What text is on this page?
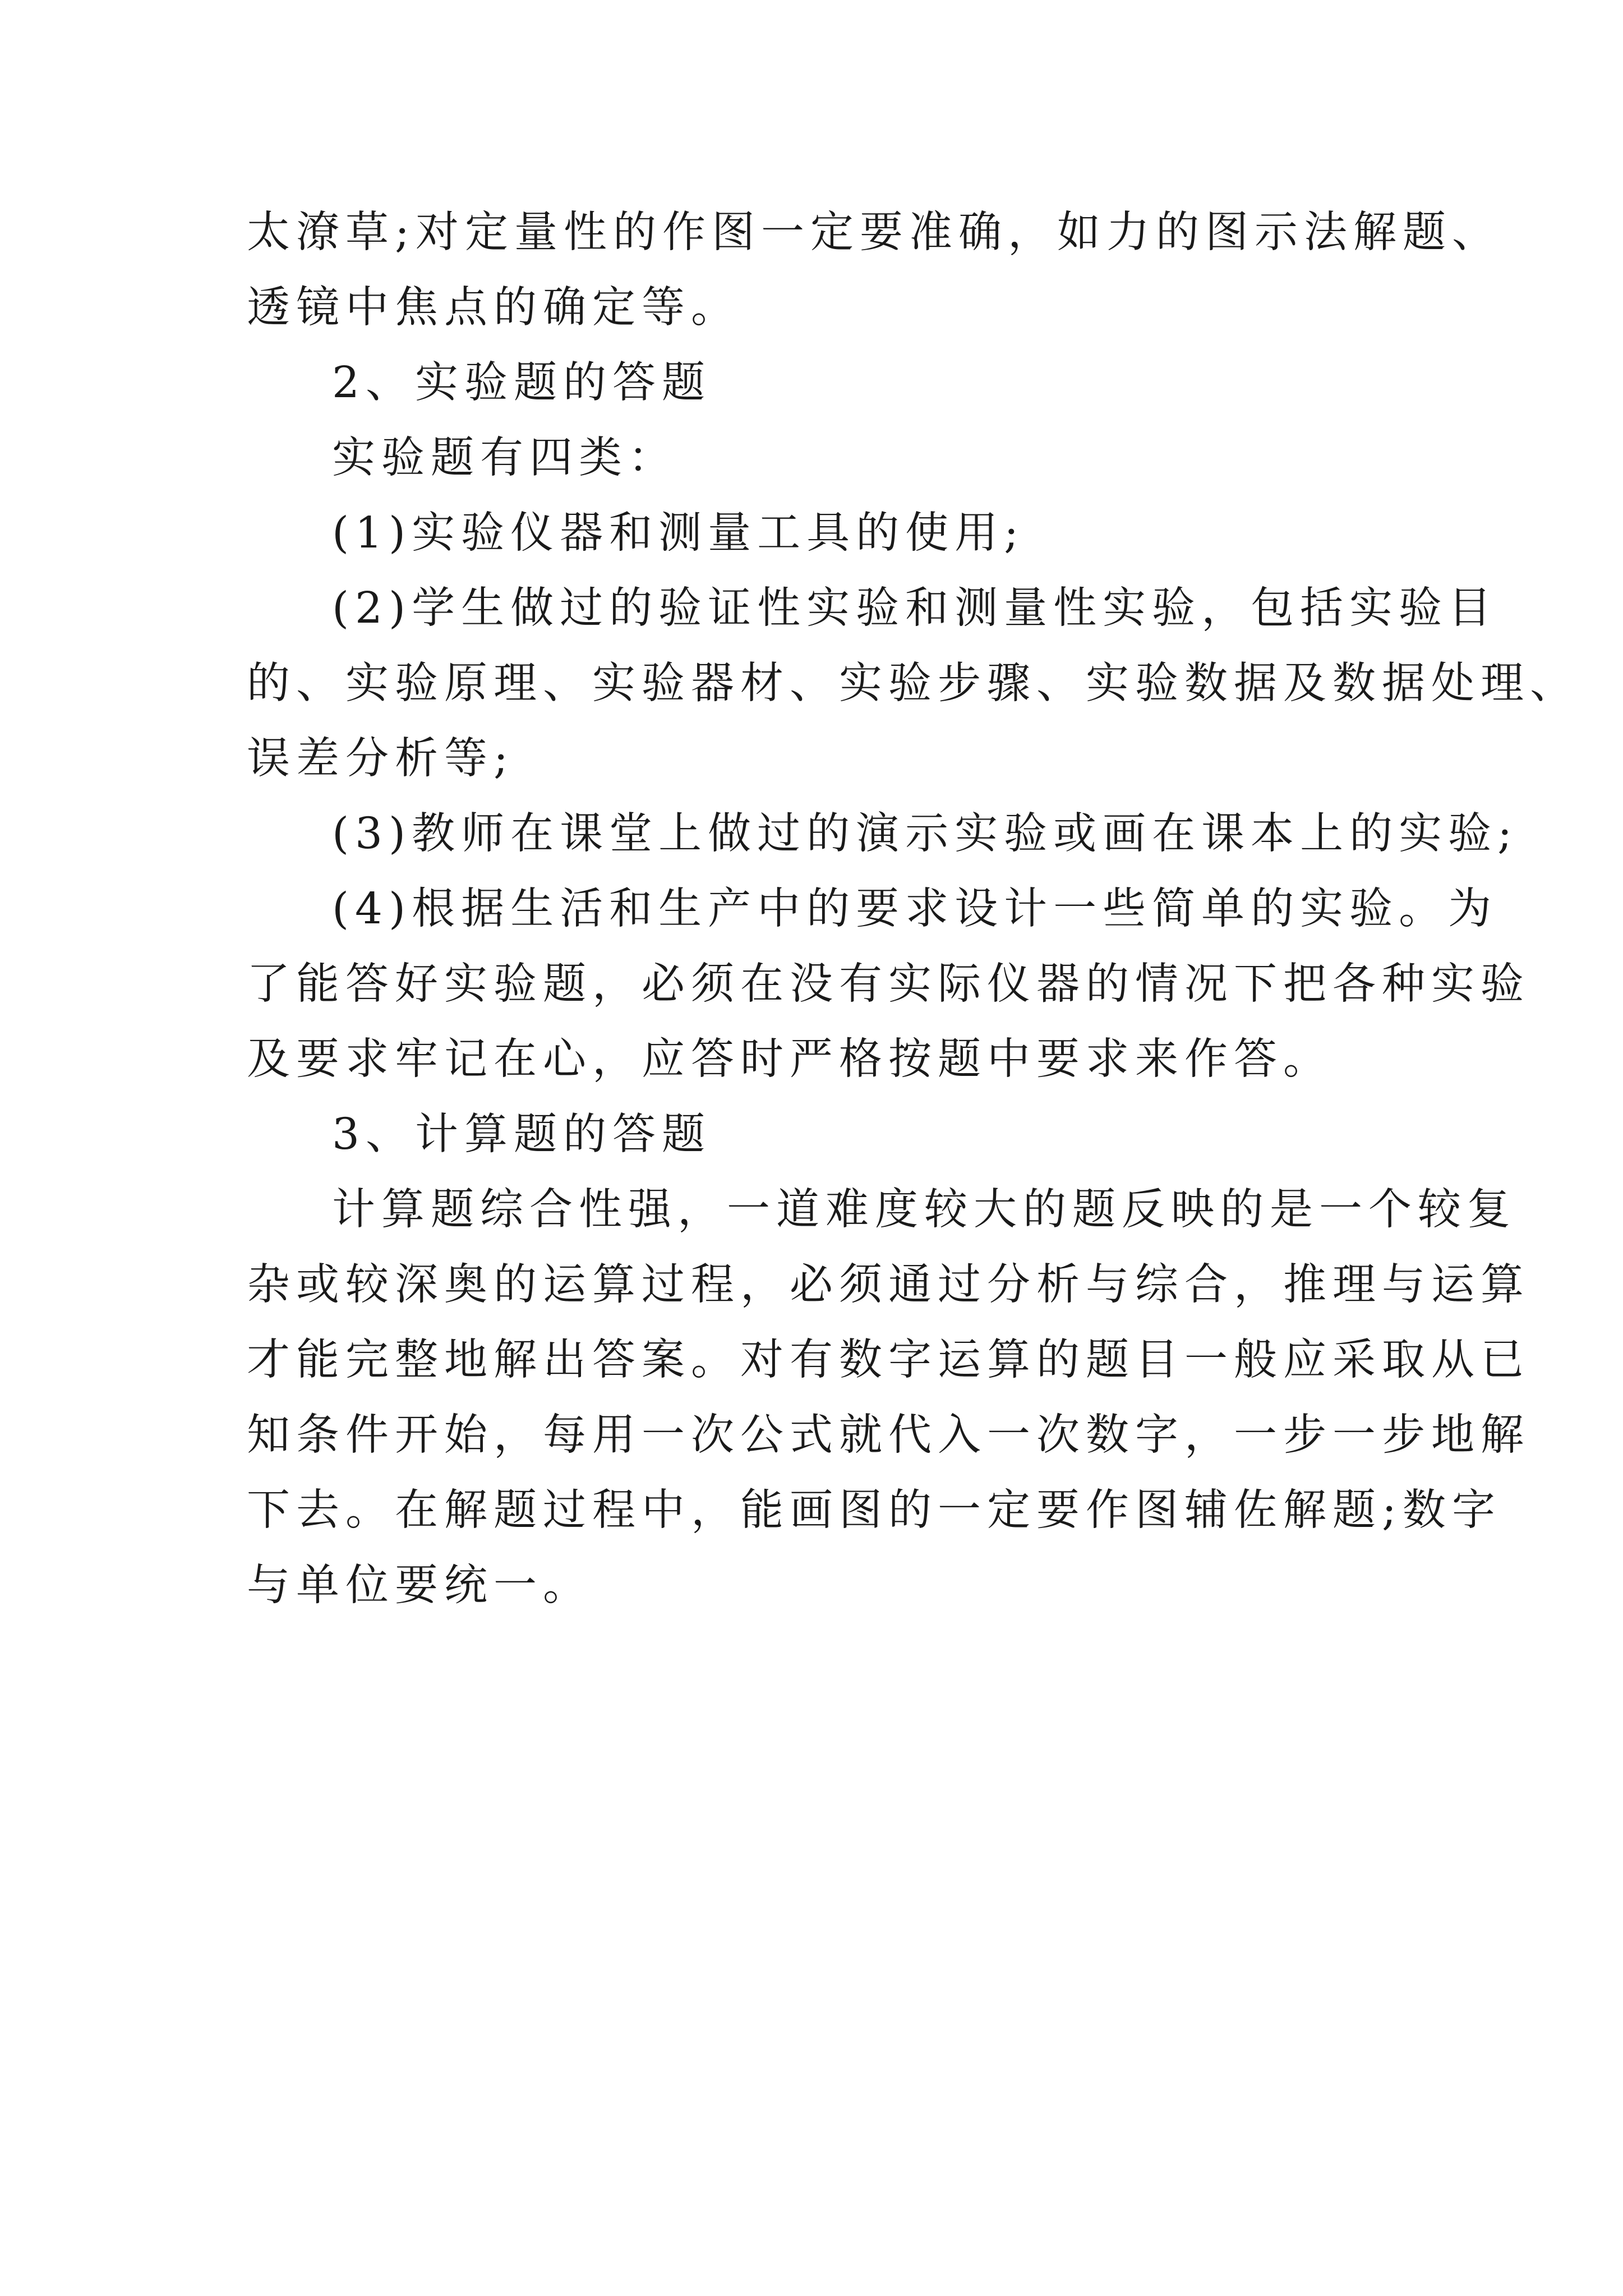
太潦草;对定量性的作图一定要准确，如力的图示法解题、
透镜中焦点的确定等。
2、实验题的答题
实验题有四类：
(1)实验仪器和测量工具的使用;
(2)学生做过的验证性实验和测量性实验，包括实验目
的、实验原理、实验器材、实验步骤、实验数据及数据处理、
误差分析等;
(3)教师在课堂上做过的演示实验或画在课本上的实验;
(4)根据生活和生产中的要求设计一些简单的实验。为
了能答好实验题，必须在没有实际仪器的情况下把各种实验
及要求牢记在心，应答时严格按题中要求来作答。
3、计算题的答题
计算题综合性强，一道难度较大的题反映的是一个较复
杂或较深奥的运算过程，必须通过分析与综合，推理与运算
才能完整地解出答案。对有数字运算的题目一般应采取从已
知条件开始，每用一次公式就代入一次数字，一步一步地解
下去。在解题过程中，能画图的一定要作图辅佐解题;数字
与单位要统一。
